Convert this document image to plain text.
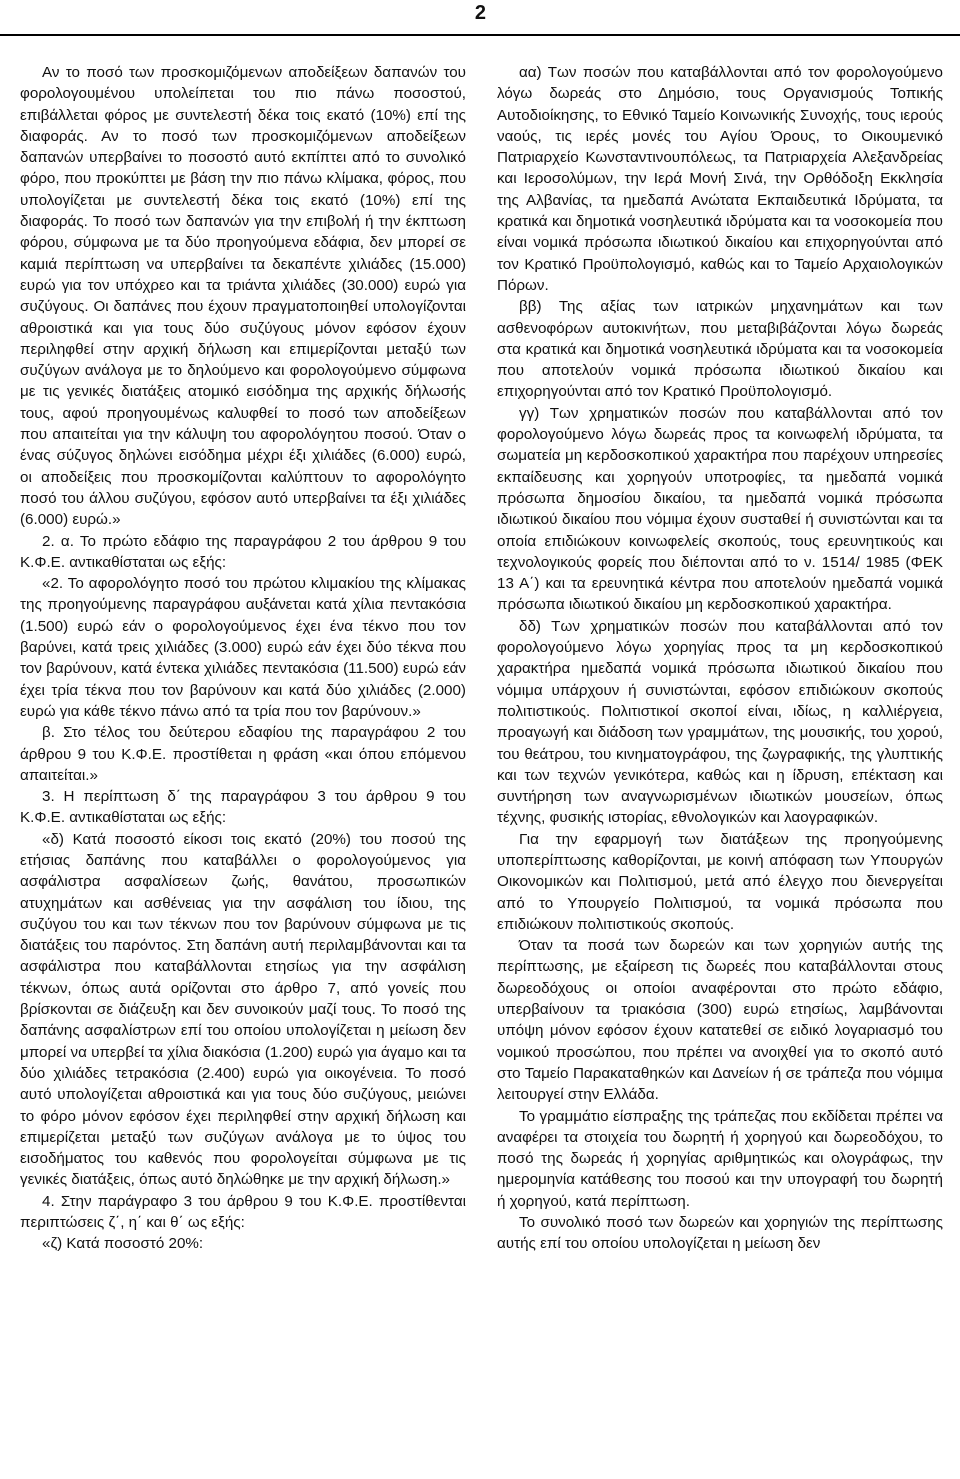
2

Αν το ποσό των προσκομιζόμενων αποδείξεων δαπανών του φορολογουμένου υπολείπεται του πιο πάνω ποσοστού, επιβάλλεται φόρος με συντελεστή δέκα τοις εκατό (10%) επί της διαφοράς. Αν το ποσό των προσκομιζόμενων αποδείξεων δαπανών υπερβαίνει το ποσοστό αυτό εκπίπτει από το συνολικό φόρο, που προκύπτει με βάση την πιο πάνω κλίμακα, φόρος, που υπολογίζεται με συντελεστή δέκα τοις εκατό (10%) επί της διαφοράς. Το ποσό των δαπανών για την επιβολή ή την έκπτωση φόρου, σύμφωνα με τα δύο προηγούμενα εδάφια, δεν μπορεί σε καμιά περίπτωση να υπερβαίνει τα δεκαπέντε χιλιάδες (15.000) ευρώ για τον υπόχρεο και τα τριάντα χιλιάδες (30.000) ευρώ για συζύγους. Οι δαπάνες που έχουν πραγματοποιηθεί υπολογίζονται αθροιστικά και για τους δύο συζύγους μόνον εφόσον έχουν περιληφθεί στην αρχική δήλωση και επιμερίζονται μεταξύ των συζύγων ανάλογα με το δηλούμενο και φορολογούμενο σύμφωνα με τις γενικές διατάξεις ατομικό εισόδημα της αρχικής δήλωσής τους, αφού προηγουμένως καλυφθεί το ποσό των αποδείξεων που απαιτείται για την κάλυψη του αφορολόγητου ποσού. Όταν ο ένας σύζυγος δηλώνει εισόδημα μέχρι έξι χιλιάδες (6.000) ευρώ, οι αποδείξεις που προσκομίζονται καλύπτουν το αφορολόγητο ποσό του άλλου συζύγου, εφόσον αυτό υπερβαίνει τα έξι χιλιάδες (6.000) ευρώ.»

2. α. Το πρώτο εδάφιο της παραγράφου 2 του άρθρου 9 του Κ.Φ.Ε. αντικαθίσταται ως εξής:

«2. Το αφορολόγητο ποσό του πρώτου κλιμακίου της κλίμακας της προηγούμενης παραγράφου αυξάνεται κατά χίλια πεντακόσια (1.500) ευρώ εάν ο φορολογούμενος έχει ένα τέκνο που τον βαρύνει, κατά τρεις χιλιάδες (3.000) ευρώ εάν έχει δύο τέκνα που τον βαρύνουν, κατά έντεκα χιλιάδες πεντακόσια (11.500) ευρώ εάν έχει τρία τέκνα που τον βαρύνουν και κατά δύο χιλιάδες (2.000) ευρώ για κάθε τέκνο πάνω από τα τρία που τον βαρύνουν.»

β. Στο τέλος του δεύτερου εδαφίου της παραγράφου 2 του άρθρου 9 του Κ.Φ.Ε. προστίθεται η φράση «και όπου επόμενου απαιτείται.»

3. Η περίπτωση δ΄ της παραγράφου 3 του άρθρου 9 του Κ.Φ.Ε. αντικαθίσταται ως εξής:

«δ) Κατά ποσοστό είκοσι τοις εκατό (20%) του ποσού της ετήσιας δαπάνης που καταβάλλει ο φορολογούμενος για ασφάλιστρα ασφαλίσεων ζωής, θανάτου, προσωπικών ατυχημάτων και ασθένειας για την ασφάλιση του ίδιου, της συζύγου του και των τέκνων που τον βαρύνουν σύμφωνα με τις διατάξεις του παρόντος. Στη δαπάνη αυτή περιλαμβάνονται και τα ασφάλιστρα που καταβάλλονται ετησίως για την ασφάλιση τέκνων, όπως αυτά ορίζονται στο άρθρο 7, από γονείς που βρίσκονται σε διάζευξη και δεν συνοικούν μαζί τους. Το ποσό της δαπάνης ασφαλίστρων επί του οποίου υπολογίζεται η μείωση δεν μπορεί να υπερβεί τα χίλια διακόσια (1.200) ευρώ για άγαμο και τα δύο χιλιάδες τετρακόσια (2.400) ευρώ για οικογένεια. Το ποσό αυτό υπολογίζεται αθροιστικά και για τους δύο συζύγους, μειώνει το φόρο μόνον εφόσον έχει περιληφθεί στην αρχική δήλωση και επιμερίζεται μεταξύ των συζύγων ανάλογα με το ύψος του εισοδήματος του καθενός που φορολογείται σύμφωνα με τις γενικές διατάξεις, όπως αυτό δηλώθηκε με την αρχική δήλωση.»

4. Στην παράγραφο 3 του άρθρου 9 του Κ.Φ.Ε. προστίθενται περιπτώσεις ζ΄, η΄ και θ΄ ως εξής:

«ζ) Κατά ποσοστό 20%:

αα) Των ποσών που καταβάλλονται από τον φορολογούμενο λόγω δωρεάς στο Δημόσιο, τους Οργανισμούς Τοπικής Αυτοδιοίκησης, το Εθνικό Ταμείο Κοινωνικής Συνοχής, τους ιερούς ναούς, τις ιερές μονές του Αγίου Όρους, το Οικουμενικό Πατριαρχείο Κωνσταντινουπόλεως, τα Πατριαρχεία Αλεξανδρείας και Ιεροσολύμων, την Ιερά Μονή Σινά, την Ορθόδοξη Εκκλησία της Αλβανίας, τα ημεδαπά Ανώτατα Εκπαιδευτικά Ιδρύματα, τα κρατικά και δημοτικά νοσηλευτικά ιδρύματα και τα νοσοκομεία που είναι νομικά πρόσωπα ιδιωτικού δικαίου και επιχορηγούνται από τον Κρατικό Προϋπολογισμό, καθώς και το Ταμείο Αρχαιολογικών Πόρων.

ββ) Της αξίας των ιατρικών μηχανημάτων και των ασθενοφόρων αυτοκινήτων, που μεταβιβάζονται λόγω δωρεάς στα κρατικά και δημοτικά νοσηλευτικά ιδρύματα και τα νοσοκομεία που αποτελούν νομικά πρόσωπα ιδιωτικού δικαίου και επιχορηγούνται από τον Κρατικό Προϋπολογισμό.

γγ) Των χρηματικών ποσών που καταβάλλονται από τον φορολογούμενο λόγω δωρεάς προς τα κοινωφελή ιδρύματα, τα σωματεία μη κερδοσκοπικού χαρακτήρα που παρέχουν υπηρεσίες εκπαίδευσης και χορηγούν υποτροφίες, τα ημεδαπά νομικά πρόσωπα δημοσίου δικαίου, τα ημεδαπά νομικά πρόσωπα ιδιωτικού δικαίου που νόμιμα έχουν συσταθεί ή συνιστώνται και τα οποία επιδιώκουν κοινωφελείς σκοπούς, τους ερευνητικούς και τεχνολογικούς φορείς που διέπονται από το ν. 1514/ 1985 (ΦΕΚ 13 Α΄) και τα ερευνητικά κέντρα που αποτελούν ημεδαπά νομικά πρόσωπα ιδιωτικού δικαίου μη κερδοσκοπικού χαρακτήρα.

δδ) Των χρηματικών ποσών που καταβάλλονται από τον φορολογούμενο λόγω χορηγίας προς τα μη κερδοσκοπικού χαρακτήρα ημεδαπά νομικά πρόσωπα ιδιωτικού δικαίου που νόμιμα υπάρχουν ή συνιστώνται, εφόσον επιδιώκουν σκοπούς πολιτιστικούς. Πολιτιστικοί σκοποί είναι, ιδίως, η καλλιέργεια, προαγωγή και διάδοση των γραμμάτων, της μουσικής, του χορού, του θεάτρου, του κινηματογράφου, της ζωγραφικής, της γλυπτικής και των τεχνών γενικότερα, καθώς και η ίδρυση, επέκταση και συντήρηση των αναγνωρισμένων ιδιωτικών μουσείων, όπως τέχνης, φυσικής ιστορίας, εθνολογικών και λαογραφικών.

Για την εφαρμογή των διατάξεων της προηγούμενης υποπερίπτωσης καθορίζονται, με κοινή απόφαση των Υπουργών Οικονομικών και Πολιτισμού, μετά από έλεγχο που διενεργείται από το Υπουργείο Πολιτισμού, τα νομικά πρόσωπα που επιδιώκουν πολιτιστικούς σκοπούς.

Όταν τα ποσά των δωρεών και των χορηγιών αυτής της περίπτωσης, με εξαίρεση τις δωρεές που καταβάλλονται στους δωρεοδόχους οι οποίοι αναφέρονται στο πρώτο εδάφιο, υπερβαίνουν τα τριακόσια (300) ευρώ ετησίως, λαμβάνονται υπόψη μόνον εφόσον έχουν κατατεθεί σε ειδικό λογαριασμό του νομικού προσώπου, που πρέπει να ανοιχθεί για το σκοπό αυτό στο Ταμείο Παρακαταθηκών και Δανείων ή σε τράπεζα που νόμιμα λειτουργεί στην Ελλάδα.

Το γραμμάτιο είσπραξης της τράπεζας που εκδίδεται πρέπει να αναφέρει τα στοιχεία του δωρητή ή χορηγού και δωρεοδόχου, το ποσό της δωρεάς ή χορηγίας αριθμητικώς και ολογράφως, την ημερομηνία κατάθεσης του ποσού και την υπογραφή του δωρητή ή χορηγού, κατά περίπτωση.

Το συνολικό ποσό των δωρεών και χορηγιών της περίπτωσης αυτής επί του οποίου υπολογίζεται η μείωση δεν
